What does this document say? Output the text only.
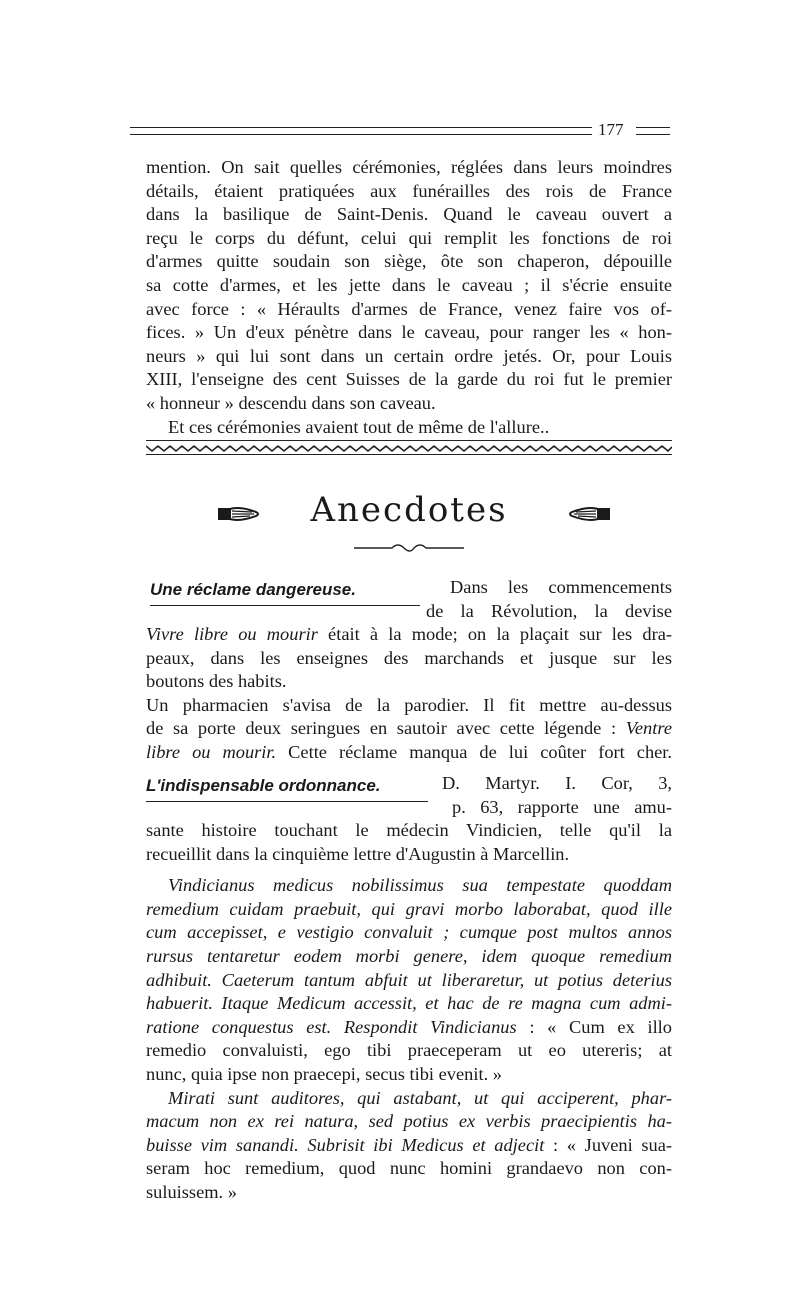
177
mention. On sait quelles cérémonies, réglées dans leurs moindres
détails, étaient pratiquées aux funérailles des rois de France
dans la basilique de Saint-Denis. Quand le caveau ouvert a
reçu le corps du défunt, celui qui remplit les fonctions de roi
d'armes quitte soudain son siège, ôte son chaperon, dépouille
sa cotte d'armes, et les jette dans le caveau ; il s'écrie ensuite
avec force : « Héraults d'armes de France, venez faire vos of-
fices. » Un d'eux pénètre dans le caveau, pour ranger les « hon-
neurs » qui lui sont dans un certain ordre jetés. Or, pour Louis
XIII, l'enseigne des cent Suisses de la garde du roi fut le premier
« honneur » descendu dans son caveau.
Et ces cérémonies avaient tout de même de l'allure..
Anecdotes
Une réclame dangereuse.	Dans les commencements
de la Révolution, la devise
Vivre libre ou mourir était à la mode; on la plaçait sur les dra-
peaux, dans les enseignes des marchands et jusque sur les
boutons des habits.
Un pharmacien s'avisa de la parodier. Il fit mettre au-dessus
de sa porte deux seringues en sautoir avec cette légende : Ventre
libre ou mourir. Cette réclame manqua de lui coûter fort cher.
L'indispensable ordonnance.	D. Martyr. I. Cor, 3,
p. 63, rapporte une amu-
sante histoire touchant le médecin Vindicien, telle qu'il la
recueillit dans la cinquième lettre d'Augustin à Marcellin.
Vindicianus medicus nobilissimus sua tempestate quoddam
remedium cuidam praebuit, qui gravi morbo laborabat, quod ille
cum accepisset, e vestigio convaluit ; cumque post multos annos
rursus tentaretur eodem morbi genere, idem quoque remedium
adhibuit. Caeterum tantum abfuit ut liberaretur, ut potius deterius
habuerit. Itaque Medicum accessit, et hac de re magna cum admi-
ratione conquestus est. Respondit Vindicianus : « Cum ex illo
remedio convaluisti, ego tibi praeceperam ut eo utereris; at
nunc, quia ipse non praecepi, secus tibi evenit. »
Mirati sunt auditores, qui astabant, ut qui acciperent, phar-
macum non ex rei natura, sed potius ex verbis praecipientis ha-
buisse vim sanandi. Subrisit ibi Medicus et adjecit : « Juveni sua-
seram hoc remedium, quod nunc homini grandaevo non con-
suluissem. »
